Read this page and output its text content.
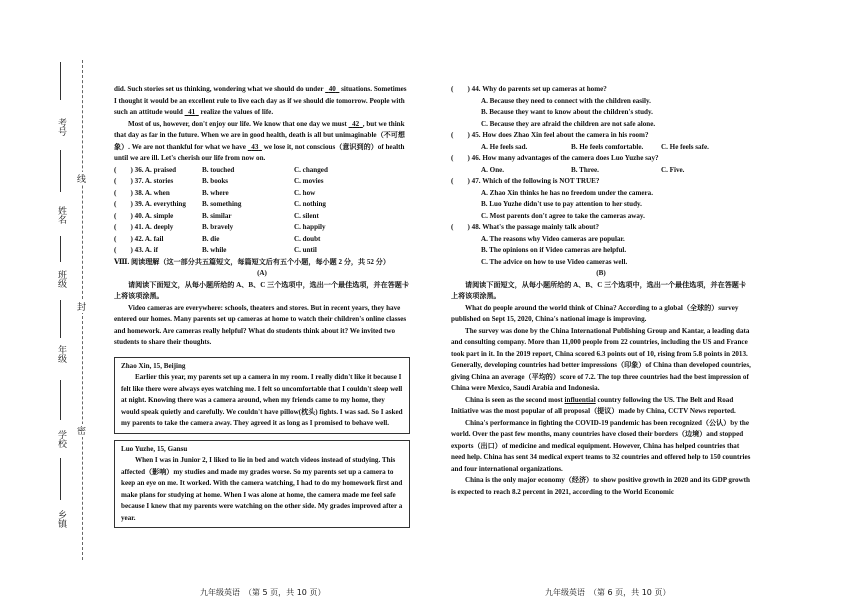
考号
姓名
班级
年级
学校
乡镇
线
封
密

did. Such stories set us thinking, wondering what we should do under 40 situations. Sometimes I thought it would be an excellent rule to live each day as if we should die tomorrow. People with such an attitude would 41 realize the values of life.

Most of us, however, don't enjoy our life. We know that one day we must 42 , but we think that day as far in the future. When we are in good health, death is all but unimaginable（不可想象）. We are not thankful for what we have 43 we lose it, not conscious（意识到的）of health until we are ill. Let's cherish our life from now on.

(　　) 36. A. praised	B. touched	C. changed
(　　) 37. A. stories	B. books	C. movies
(　　) 38. A. when	B. where	C. how
(　　) 39. A. everything	B. something	C. nothing
(　　) 40. A. simple	B. similar	C. silent
(　　) 41. A. deeply	B. bravely	C. happily
(　　) 42. A. fail	B. die	C. doubt
(　　) 43. A. if	B. while	C. until

Ⅷ. 阅读理解（这一部分共五篇短文，每篇短文后有五个小题，每小题 2 分，共 52 分）

(A)

请阅读下面短文，从每小题所给的 A、B、C 三个选项中，选出一个最佳选项，并在答题卡上将该项涂黑。

Video cameras are everywhere: schools, theaters and stores. But in recent years, they have entered our homes. Many parents set up cameras at home to watch their children's online classes and homework. Are cameras really helpful? What do students think about it? We invited two students to share their thoughts.

Zhao Xin, 15, Beijing

Earlier this year, my parents set up a camera in my room. I really didn't like it because I felt like there were always eyes watching me. I felt so uncomfortable that I couldn't sleep well at night. Knowing there was a camera around, when my friends came to my home, they would speak quietly and carefully. We couldn't have pillow(枕头) fights. I was sad. So I asked my parents to take the camera away. They agreed it as long as I promised to behave well.

Luo Yuzhe, 15, Gansu

When I was in Junior 2, I liked to lie in bed and watch videos instead of studying. This affected（影响）my studies and made my grades worse. So my parents set up a camera to keep an eye on me. It worked. With the camera watching, I had to do my homework first and make plans for studying at home. When I was alone at home, the camera made me feel safe because I knew that my parents were watching on the other side. My grades improved after a year.

九年级英语　（第 5 页，共 10 页）

(　　) 44. Why do parents set up cameras at home?

A. Because they need to connect with the children easily.

B. Because they want to know about the children's study.

C. Because they are afraid the children are not safe alone.

(　　) 45. How does Zhao Xin feel about the camera in his room?

A. He feels sad.	B. He feels comfortable.	C. He feels safe.

(　　) 46. How many advantages of the camera does Luo Yuzhe say?

A. One.	B. Three.	C. Five.

(　　) 47. Which of the following is NOT TRUE?

A. Zhao Xin thinks he has no freedom under the camera.

B. Luo Yuzhe didn't use to pay attention to her study.

C. Most parents don't agree to take the cameras away.

(　　) 48. What's the passage mainly talk about?

A. The reasons why Video cameras are popular.

B. The opinions on if Video cameras are helpful.

C. The advice on how to use Video cameras well.

(B)

请阅读下面短文，从每小题所给的 A、B、C 三个选项中，选出一个最佳选项，并在答题卡上将该项涂黑。

What do people around the world think of China? According to a global（全球的）survey published on Sept 15, 2020, China's national image is improving.

The survey was done by the China International Publishing Group and Kantar, a leading data and consulting company. More than 11,000 people from 22 countries, including the US and France took part in it. In the 2019 report, China scored 6.3 points out of 10, rising from 5.8 points in 2013. Generally, developing countries had better impressions（印象）of China than developed countries, giving China an average（平均的）score of 7.2. The top three countries had the best impression of China were Mexico, Saudi Arabia and Indonesia.

China is seen as the second most influential country following the US. The Belt and Road Initiative was the most popular of all proposal（提议）made by China, CCTV News reported.

China's performance in fighting the COVID-19 pandemic has been recognized（公认）by the world. Over the past few months, many countries have closed their borders（边境）and stopped exports（出口）of medicine and medical equipment. However, China has helped countries that need help. China has sent 34 medical expert teams to 32 countries and offered help to 150 countries and four international organizations.

China is the only major economy（经济）to show positive growth in 2020 and its GDP growth is expected to reach 8.2 percent in 2021, according to the World Economic

九年级英语　（第 6 页，共 10 页）
